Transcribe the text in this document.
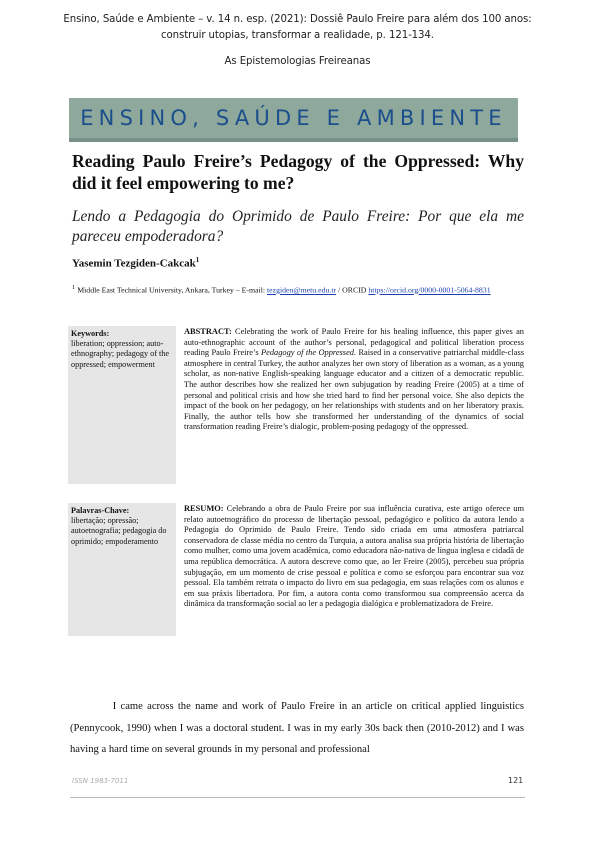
Ensino, Saúde e Ambiente – v. 14 n. esp. (2021): Dossiê Paulo Freire para além dos 100 anos:
construir utopias, transformar a realidade, p. 121-134.
As Epistemologias Freireanas
ENSINO, SAÚDE E AMBIENTE
Reading Paulo Freire’s Pedagogy of the Oppressed: Why did it feel empowering to me?
Lendo a Pedagogia do Oprimido de Paulo Freire: Por que ela me pareceu empoderadora?
Yasemin Tezgiden-Cakcak$^1$
$^1$ Middle East Technical University, Ankara, Turkey – E-mail: tezgiden@metu.edu.tr / ORCID https://orcid.org/0000-0001-5064-8831
Keywords:
liberation; oppression; auto-ethnography; pedagogy of the oppressed; empowerment
ABSTRACT: Celebrating the work of Paulo Freire for his healing influence, this paper gives an auto-ethnographic account of the author’s personal, pedagogical and political liberation process reading Paulo Freire’s Pedagogy of the Oppressed. Raised in a conservative patriarchal middle-class atmosphere in central Turkey, the author analyzes her own story of liberation as a woman, as a young scholar, as non-native English-speaking language educator and a citizen of a democratic republic. The author describes how she realized her own subjugation by reading Freire (2005) at a time of personal and political crisis and how she tried hard to find her personal voice. She also depicts the impact of the book on her pedagogy, on her relationships with students and on her liberatory praxis. Finally, the author tells how she transformed her understanding of the dynamics of social transformation reading Freire’s dialogic, problem-posing pedagogy of the oppressed.
Palavras-Chave:
libertação; opressão; autoetnografia; pedagogia do oprimido; empoderamento
RESUMO: Celebrando a obra de Paulo Freire por sua influência curativa, este artigo oferece um relato autoetnográfico do processo de libertação pessoal, pedagógico e político da autora lendo a Pedagogia do Oprimido de Paulo Freire. Tendo sido criada em uma atmosfera patriarcal conservadora de classe média no centro da Turquia, a autora analisa sua própria história de libertação como mulher, como uma jovem acadêmica, como educadora não-nativa de língua inglesa e cidadã de uma república democrática. A autora descreve como que, ao ler Freire (2005), percebeu sua própria subjugação, em um momento de crise pessoal e política e como se esforçou para encontrar sua voz pessoal. Ela também retrata o impacto do livro em sua pedagogia, em suas relações com os alunos e em sua práxis libertadora. Por fim, a autora conta como transformou sua compreensão acerca da dinâmica da transformação social ao ler a pedagogia dialógica e problematizadora de Freire.
I came across the name and work of Paulo Freire in an article on critical applied linguistics (Pennycook, 1990) when I was a doctoral student. I was in my early 30s back then (2010-2012) and I was having a hard time on several grounds in my personal and professional
ISSN 1983-7011	121
